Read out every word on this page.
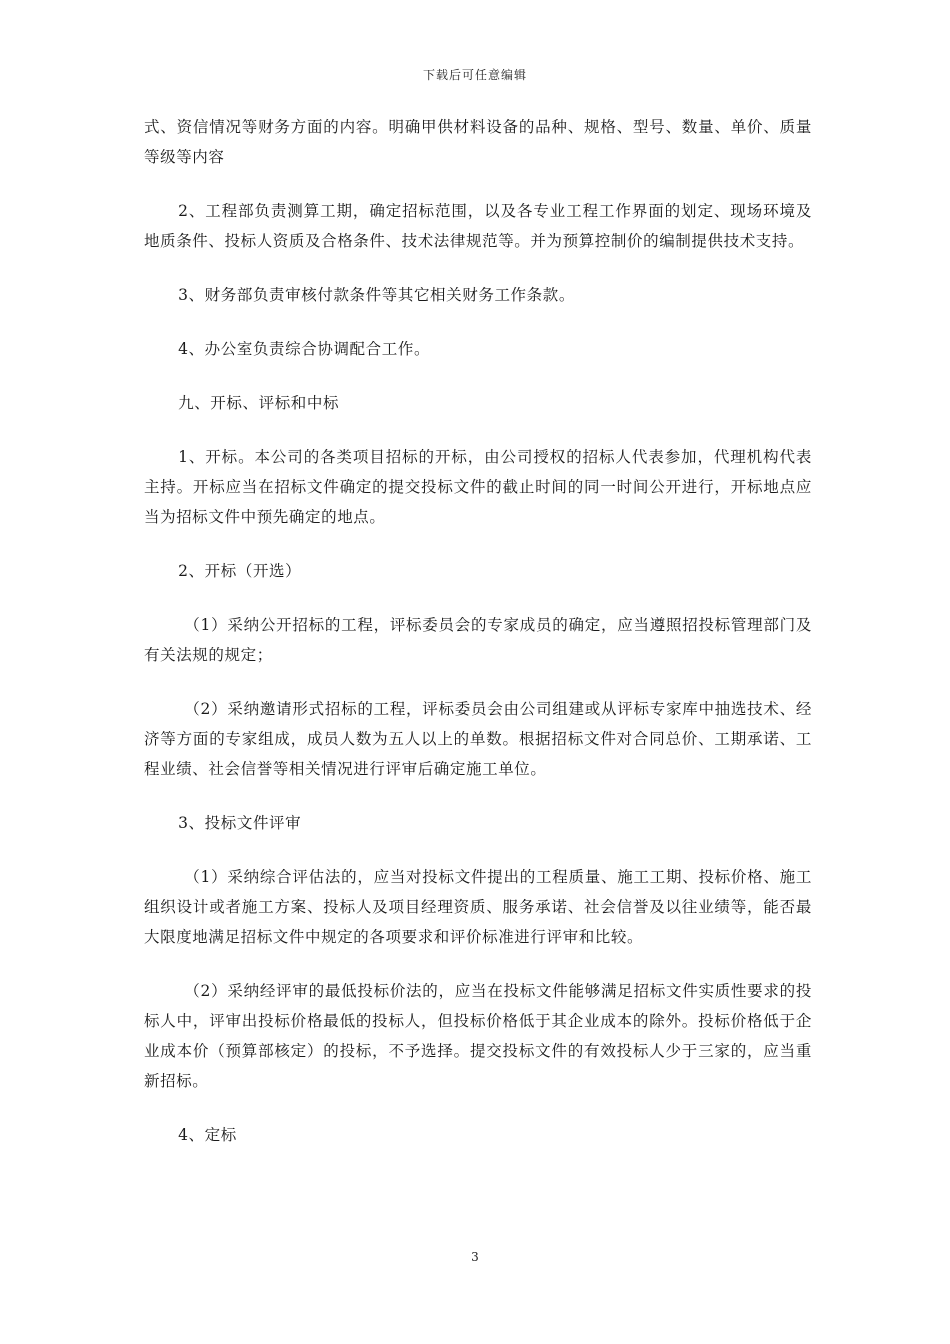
下载后可任意编辑

式、资信情况等财务方面的内容。明确甲供材料设备的品种、规格、型号、数量、单价、质量等级等内容

2、工程部负责测算工期，确定招标范围，以及各专业工程工作界面的划定、现场环境及地质条件、投标人资质及合格条件、技术法律规范等。并为预算控制价的编制提供技术支持。

3、财务部负责审核付款条件等其它相关财务工作条款。

4、办公室负责综合协调配合工作。

九、开标、评标和中标

1、开标。本公司的各类项目招标的开标，由公司授权的招标人代表参加，代理机构代表主持。开标应当在招标文件确定的提交投标文件的截止时间的同一时间公开进行，开标地点应当为招标文件中预先确定的地点。

2、开标（开选）

（1）采纳公开招标的工程，评标委员会的专家成员的确定，应当遵照招投标管理部门及有关法规的规定；

（2）采纳邀请形式招标的工程，评标委员会由公司组建或从评标专家库中抽选技术、经济等方面的专家组成，成员人数为五人以上的单数。根据招标文件对合同总价、工期承诺、工程业绩、社会信誉等相关情况进行评审后确定施工单位。

3、投标文件评审

（1）采纳综合评估法的，应当对投标文件提出的工程质量、施工工期、投标价格、施工组织设计或者施工方案、投标人及项目经理资质、服务承诺、社会信誉及以往业绩等，能否最大限度地满足招标文件中规定的各项要求和评价标准进行评审和比较。

（2）采纳经评审的最低投标价法的，应当在投标文件能够满足招标文件实质性要求的投标人中，评审出投标价格最低的投标人，但投标价格低于其企业成本的除外。投标价格低于企业成本价（预算部核定）的投标，不予选择。提交投标文件的有效投标人少于三家的，应当重新招标。

4、定标

3
